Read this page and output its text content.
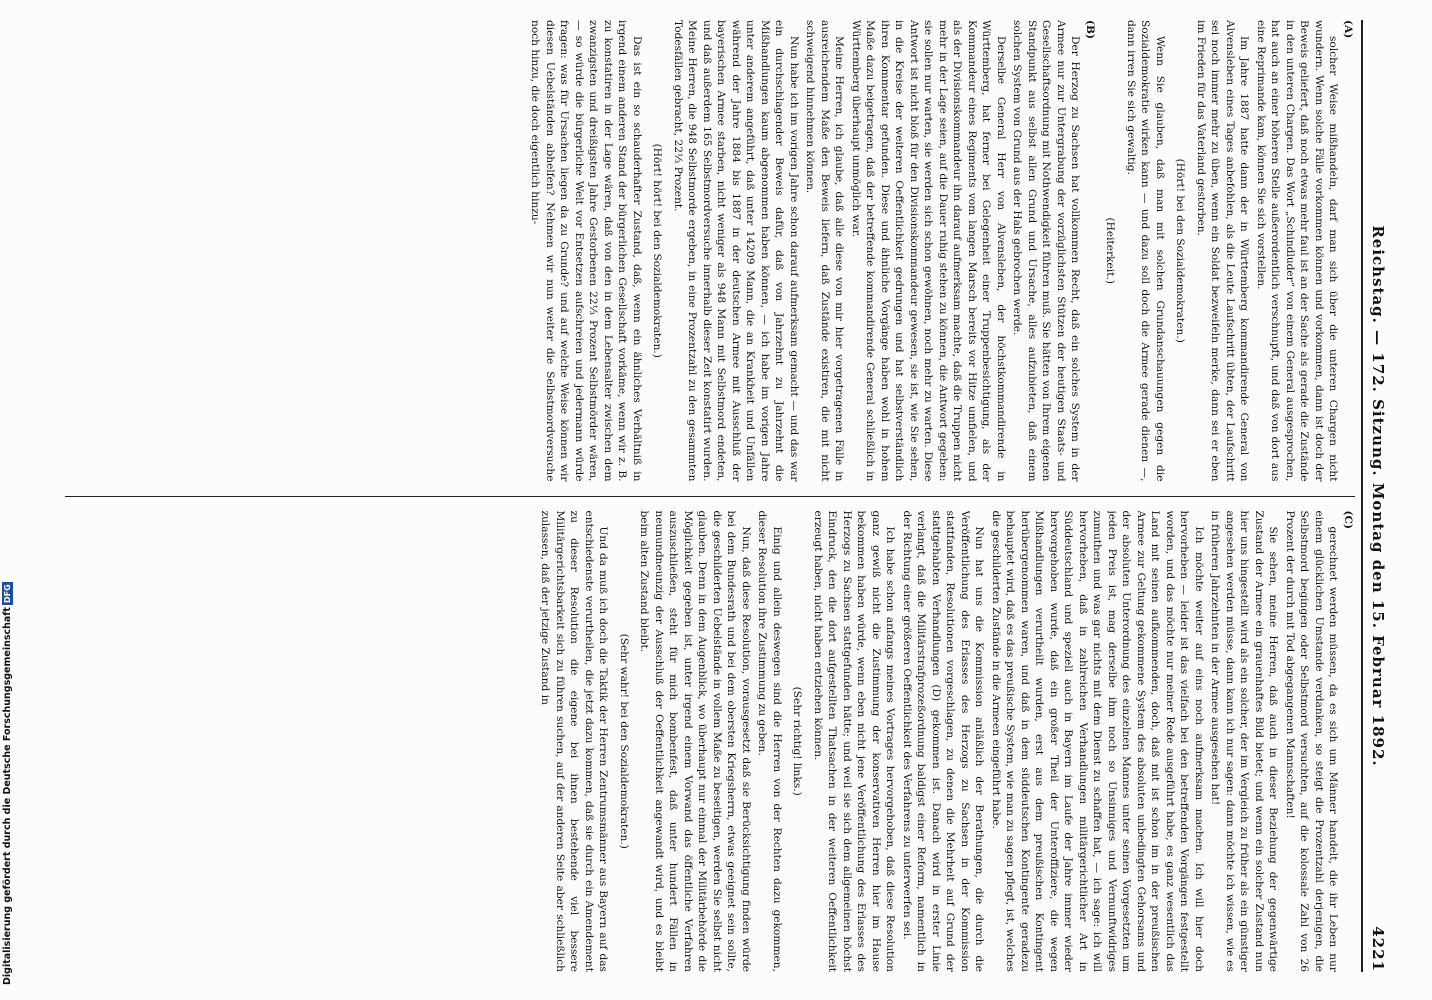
Reichstag. — 172. Sitzung. Montag den 15. Februar 1892.
4221
(A)

solcher Weise mißhandeln, darf man sich über die unteren Chargen nicht wundern. Wenn solche Fälle vorkommen können und vorkommen, dann ist doch der Beweis geliefert, daß noch etwas mehr faul ist an der Sache als gerade die Zustände in den unteren Chargen. Das Wort „Schindluder“ von einem General ausgesprochen, hat auch an einer höheren Stelle außerordentlich verschnupft, und daß von dort aus eine Reprimande kam, können Sie sich vorstellen.

Im Jahre 1887 hatte dann der in Württemberg kommandirende General von Alvensleben eines Tages anbefohlen, als die Leute Laufschritt übten, der Laufschritt sei noch immer mehr zu üben, wenn ein Soldat bezweifeln merke, dann sei er eben im Frieden für das Vaterland gestorben.

(Hört! bei den Sozialdemokraten.)

Wenn Sie glauben, daß man mit solchen Grundanschauungen gegen die Sozialdemokratie wirken kann — und dazu soll doch die Armee gerade dienen —, dann irren Sie sich gewaltig.

(Heiterkeit.)

(B)

Der Herzog zu Sachsen hat vollkommen Recht, daß ein solches System in der Armee nur zur Untergrabung der vorzüglichsten Stützen der heutigen Staats- und Gesellschaftsordnung mit Nothwendigkeit führen muß. Sie hätten von Ihrem eigenen Standpunkt aus selbst allen Grund und Ursache, alles aufzubieten, daß einem solchen System von Grund aus der Hals gebrochen werde.

Derselbe General Herr von Alvensleben, der höchstkommandirende in Württemberg, hat ferner bei Gelegenheit einer Truppenbesichtigung, als der Kommandeur eines Regiments vom langen Marsch bereits vor Hitze umfielen, und als der Divisionskommandeur ihn darauf aufmerksam machte, daß die Truppen nicht mehr in der Lage seien, auf die Dauer ruhig stehen zu können, die Antwort gegeben: sie sollen nur warten, sie werden sich schon gewöhnen, noch mehr zu warten. Diese Antwort ist nicht bloß für den Divisionskommandeur gewesen, sie ist, wie Sie sehen, in die Kreise der weiteren Oeffentlichkeit gedrungen und hat selbstverständlich ihren Kommentar gefunden. Diese und ähnliche Vorgänge haben wohl in hohem Maße dazu beigetragen, daß der betreffende kommandirende General schließlich in Württemberg überhaupt unmöglich war.

Meine Herren, ich glaube, daß alle diese von mir hier vorgetragenen Fälle in ausreichendem Maße den Beweis liefern, daß Zustände existiren, die mit nicht schweigend hinnehmen können.

Nun habe ich im vorigen Jahre schon darauf aufmerksam gemacht — und das war ein durchschlagender Beweis dafür, daß von Jahrzehnt zu Jahrzehnt die Mißhandlungen kaum abgenommen haben können, — ich habe im vorigen Jahre unter anderem angeführt, daß unter 14209 Mann, die an Krankheit und Unfällen während der Jahre 1884 bis 1887 in der deutschen Armee mit Ausschluß der bayerischen Armee starben, nicht weniger als 948 Mann mit Selbstmord endeten, und daß außerdem 165 Selbstmordversuche innerhalb dieser Zeit konstatirt wurden. Meine Herren, die 948 Selbstmorde ergeben, in eine Prozentzahl zu den gesammten Todesfällen gebracht, 22⅓ Prozent.

(Hört! hört! bei den Sozialdemokraten.)

Das ist ein so schauderhafter Zustand, daß, wenn ein ähnliches Verhältniß in irgend einem anderen Stand der bürgerlichen Gesellschaft vorkäme, wenn wir z. B. zu konstatiren in der Lage wären, daß von den in dem Lebensalter zwischen dem zwanzigsten und dreißigsten Jahre Gestorbenen 22⅓ Prozent Selbstmörder wären, — so würde die bürgerliche Welt vor Entsetzen aufschreien und jedermann würde fragen: was für Ursachen liegen da zu Grunde? und auf welche Weise können wir diesen Uebelständen abhelfen? Nehmen wir nun weiter die Selbstmordversuche noch hinzu, die doch eigentlich hinzu-

(C)

gerechnet werden müssen, da es sich um Männer handelt, die ihr Leben nur einem glücklichen Umstande verdanken, so steigt die Prozentzahl derjenigen, die Selbstmord begingen oder Selbstmord versuchten, auf die kolossale Zahl von 26 Prozent der durch mit Tod abgegangenen Mannschaften!

Sie sehen, meine Herren, daß auch in dieser Beziehung der gegenwärtige Zustand der Armee ein grauenhaftes Bild bietet; und wenn ein solcher Zustand nun hier uns hingestellt wird als ein solcher, der im Vergleich zu früher als ein günstiger angesehen werden müsse, dann kann ich nur sagen: dann möchte ich wissen, wie es in früheren Jahrzehnten in der Armee ausgesehen hat!

Ich möchte weiter auf eins noch aufmerksam machen. Ich will hier doch hervorheben — leider ist das vielfach bei den betreffenden Vorgängen festgestellt worden, und das möchte nur meiner Rede ausgeführt habe, es ganz wesentlich das Land mit seinen aufkommenden, doch, daß mit ist schon im in der preußischen Armee zur Geltung gekommene System des absoluten unbedingten Gehorsams und der absoluten Unterordnung des einzelnen Mannes unter seinen Vorgesetzten um jeden Preis ist, mag derselbe ihm noch so Unsinniges und Vernunftwidriges zumuthen und was gar nichts mit dem Dienst zu schaffen hat, — ich sage: ich will hervorheben, daß in zahlreichen Verhandlungen militärgerichtlicher Art in Süddeutschland und speziell auch in Bayern im Laufe der Jahre immer wieder hervorgehoben wurde, daß ein großer Theil der Unteroffiziere, die wegen Mißhandlungen verurtheilt wurden, erst aus dem preußischen Kontingent herübergenommen waren, und daß in dem süddeutschen Kontingente geradezu behauptet wird, daß es das preußische System, wie man zu sagen pflegt, ist, welches die geschilderten Zustände in die Armeen eingeführt habe.

Nun hat uns die Kommission anläßlich der Berathungen, die durch die Veröffentlichung des Erlasses des Herzogs zu Sachsen in der Kommission stattfanden, Resolutionen vorgeschlagen, zu denen die Mehrheit auf Grund der stattgehabten Verhandlungen (D) gekommen ist. Danach wird in erster Linie verlangt, daß die Militärstrafprozeßordnung baldigst einer Reform, namentlich in der Richtung einer größeren Oeffentlichkeit des Verfahrens zu unterwerfen sei.

Ich habe schon anfangs meines Vortrages hervorgehoben, daß diese Resolution ganz gewiß nicht die Zustimmung der konservativen Herren hier im Hause bekommen haben würde, wenn eben nicht jene Veröffentlichung des Erlasses des Herzogs zu Sachsen stattgefunden hätte; und weil sie sich dem allgemeinen höchst Eindruck, den die dort aufgestellten Thatsachen in der weiteren Oeffentlichkeit erzeugt haben, nicht haben entziehen können.

(Sehr richtig! links.)

Einig und allein deswegen sind die Herren von der Rechten dazu gekommen, dieser Resolution ihre Zustimmung zu geben.

Nun, daß diese Resolution, vorausgesetzt daß sie Berücksichtigung finden würde bei dem Bundesrath und bei dem obersten Kriegsherrn, etwas geeignet sein sollte, die geschilderten Uebelstände in vollem Maße zu beseitigen, werden Sie selbst nicht glauben. Denn in dem Augenblick, wo überhaupt nur einmal der Militärbehörde die Möglichkeit gegeben ist, unter irgend einem Vorwand das öffentliche Verfahren auszuschließen, steht für mich bombenfest, daß unter hundert Fällen in neunundneunzig der Ausschluß der Oeffentlichkeit angewandt wird, und es bleibt beim alten Zustand bleibt.

(Sehr wahr! bei den Sozialdemokraten.)

Und da muß ich doch die Taktik der Herren Zentrumsmänner aus Bayern auf das entschiedenste verurtheilen, die jetzt dazu kommen, daß sie durch ein Amendement zu dieser Resolution die eigene bei ihnen bestehende viel bessere Militärgerichtsbarkeit sich zu führen suchen, auf der anderen Seite aber schließlich zulassen, daß der jetzige Zustand in

Digitalisierung gefördert durch die Deutsche ForschungsgemeinschaftDFG
